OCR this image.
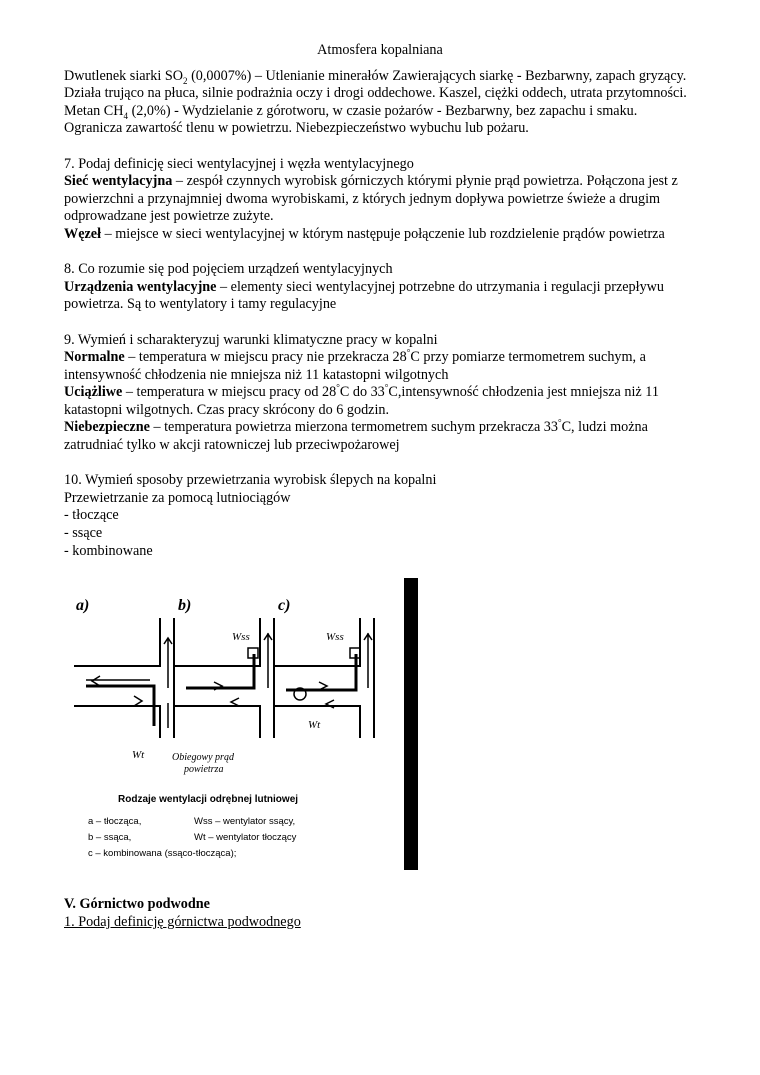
Atmosfera kopalniana

Dwutlenek siarki $SO_2$ (0,0007%) – Utlenianie minerałów Zawierających siarkę - Bezbarwny, zapach gryzący. Działa trująco na płuca, silnie podrażnia oczy i drogi oddechowe. Kaszel, ciężki oddech, utrata przytomności.

Metan $CH_4$ (2,0%) - Wydzielanie z górotworu, w czasie pożarów - Bezbarwny, bez zapachu i smaku. Ogranicza zawartość tlenu w powietrzu. Niebezpieczeństwo wybuchu lub pożaru.

7. Podaj definicję sieci wentylacyjnej i węzła wentylacyjnego

Sieć wentylacyjna – zespół czynnych wyrobisk górniczych którymi płynie prąd powietrza. Połączona jest z powierzchni a przynajmniej dwoma wyrobiskami, z których jednym dopływa powietrze świeże a drugim odprowadzane jest powietrze zużyte.

Węzeł – miejsce w sieci wentylacyjnej w którym następuje połączenie lub rozdzielenie prądów powietrza

8. Co rozumie się pod pojęciem urządzeń wentylacyjnych

Urządzenia wentylacyjne – elementy sieci wentylacyjnej potrzebne do utrzymania i regulacji przepływu powietrza. Są to wentylatory i tamy regulacyjne

9. Wymień i scharakteryzuj warunki klimatyczne pracy w kopalni

Normalne – temperatura w miejscu pracy nie przekracza 28°C przy pomiarze termometrem suchym, a intensywność chłodzenia nie mniejsza niż 11 katastopni wilgotnych

Uciążliwe – temperatura w miejscu pracy od 28°C do 33°C,intensywność chłodzenia jest mniejsza niż 11 katastopni wilgotnych. Czas pracy skrócony do 6 godzin.

Niebezpieczne – temperatura powietrza mierzona termometrem suchym przekracza 33°C, ludzi można zatrudniać tylko w akcji ratowniczej lub przeciwpożarowej

10. Wymień sposoby przewietrzania wyrobisk ślepych na kopalni

Przewietrzanie za pomocą lutniociągów

- tłoczące

- ssące

- kombinowane

a)	b)	c)
Wt
Wss	Wss
Wt
Obiegowy prąd
powietrza
Rodzaje wentylacji odrębnej lutniowej
a – tłocząca,
b – ssąca,
c – kombinowana (ssąco-tłocząca);
Wss – wentylator ssący,
Wt – wentylator tłoczący

V. Górnictwo podwodne

1. Podaj definicję górnictwa podwodnego
